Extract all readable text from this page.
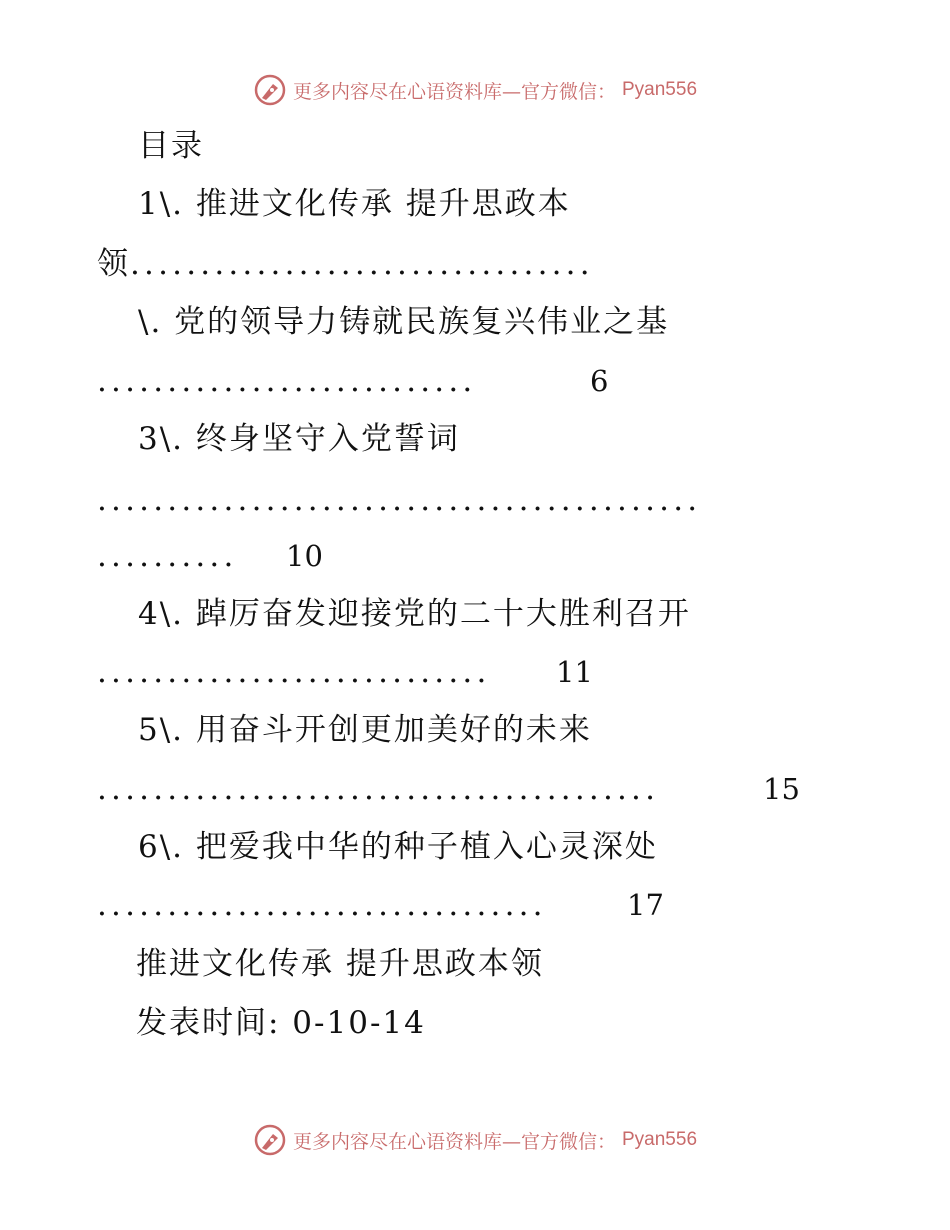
更多内容尽在心语资料库—官方微信： Pyan556
目录
1\. 推进文化传承 提升思政本
领 .................................
\. 党的领导力铸就民族复兴伟业之基
...........................	6
3\. 终身坚守入党誓词
...........................................
.......... 10
4\. 踔厉奋发迎接党的二十大胜利召开
............................ 11
5\. 用奋斗开创更加美好的未来
........................................	15
6\. 把爱我中华的种子植入心灵深处
................................	17
推进文化传承 提升思政本领
发表时间: 0-10-14
更多内容尽在心语资料库—官方微信： Pyan556
